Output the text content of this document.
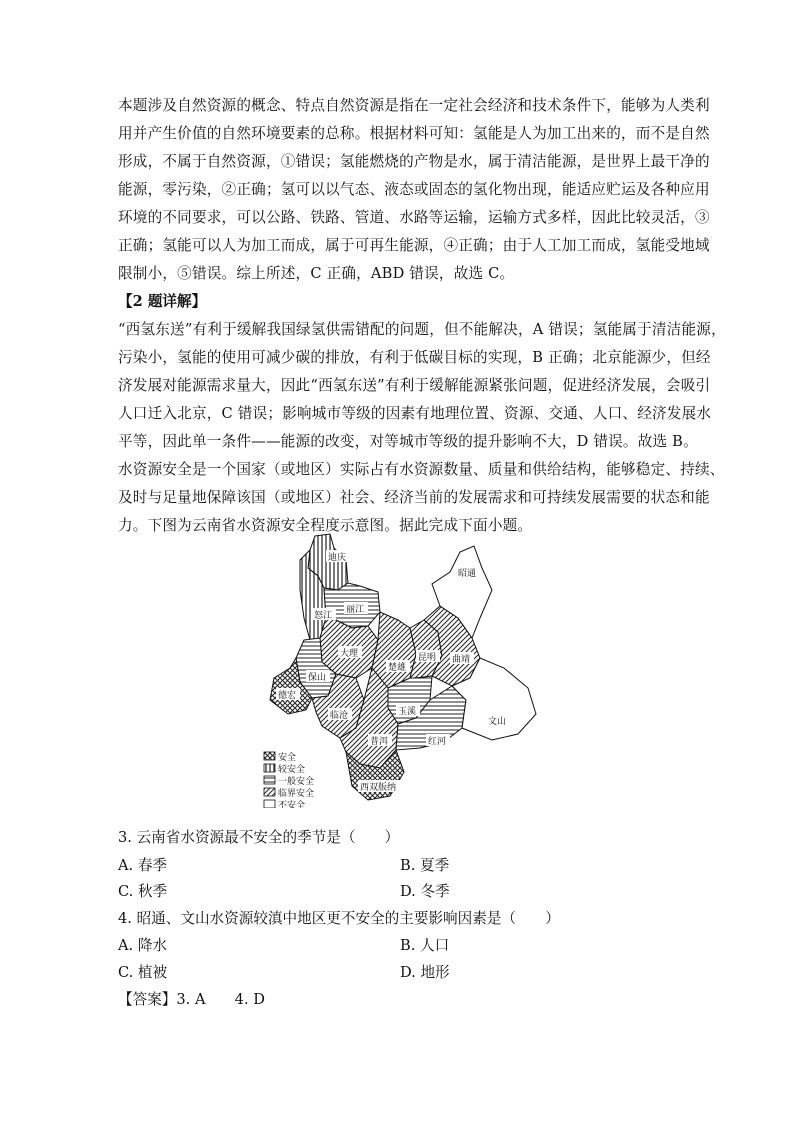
本题涉及自然资源的概念、特点自然资源是指在一定社会经济和技术条件下，能够为人类利
用并产生价值的自然环境要素的总称。根据材料可知：氢能是人为加工出来的，而不是自然
形成，不属于自然资源，①错误；氢能燃烧的产物是水，属于清洁能源，是世界上最干净的
能源，零污染，②正确；氢可以以气态、液态或固态的氢化物出现，能适应贮运及各种应用
环境的不同要求，可以公路、铁路、管道、水路等运输，运输方式多样，因此比较灵活，③
正确；氢能可以人为加工而成，属于可再生能源，④正确；由于人工加工而成，氢能受地域
限制小，⑤错误。综上所述，C 正确，ABD 错误，故选 C。
【2 题详解】
“西氢东送”有利于缓解我国绿氢供需错配的问题，但不能解决，A 错误；氢能属于清洁能源，
污染小，氢能的使用可减少碳的排放，有利于低碳目标的实现，B 正确；北京能源少，但经
济发展对能源需求量大，因此“西氢东送”有利于缓解能源紧张问题，促进经济发展，会吸引
人口迁入北京，C 错误；影响城市等级的因素有地理位置、资源、交通、人口、经济发展水
平等，因此单一条件——能源的改变，对等城市等级的提升影响不大，D 错误。故选 B。
水资源安全是一个国家（或地区）实际占有水资源数量、质量和供给结构，能够稳定、持续、
及时与足量地保障该国（或地区）社会、经济当前的发展需求和可持续发展需要的状态和能
力。下图为云南省水资源安全程度示意图。据此完成下面小题。
迪庆
丽江
怒江
大理
保山
德宏
临沧
楚雄
昆明 曲靖
玉溪
普洱	红河
文山
西双版纳
昭通
安全
较安全
一般安全
临界安全
不安全
3. 云南省水资源最不安全的季节是（　　）
A. 春季	B. 夏季
C. 秋季	D. 冬季
4. 昭通、文山水资源较滇中地区更不安全的主要影响因素是（　　）
A. 降水	B. 人口
C. 植被	D. 地形
【答案】3. A　　4. D
